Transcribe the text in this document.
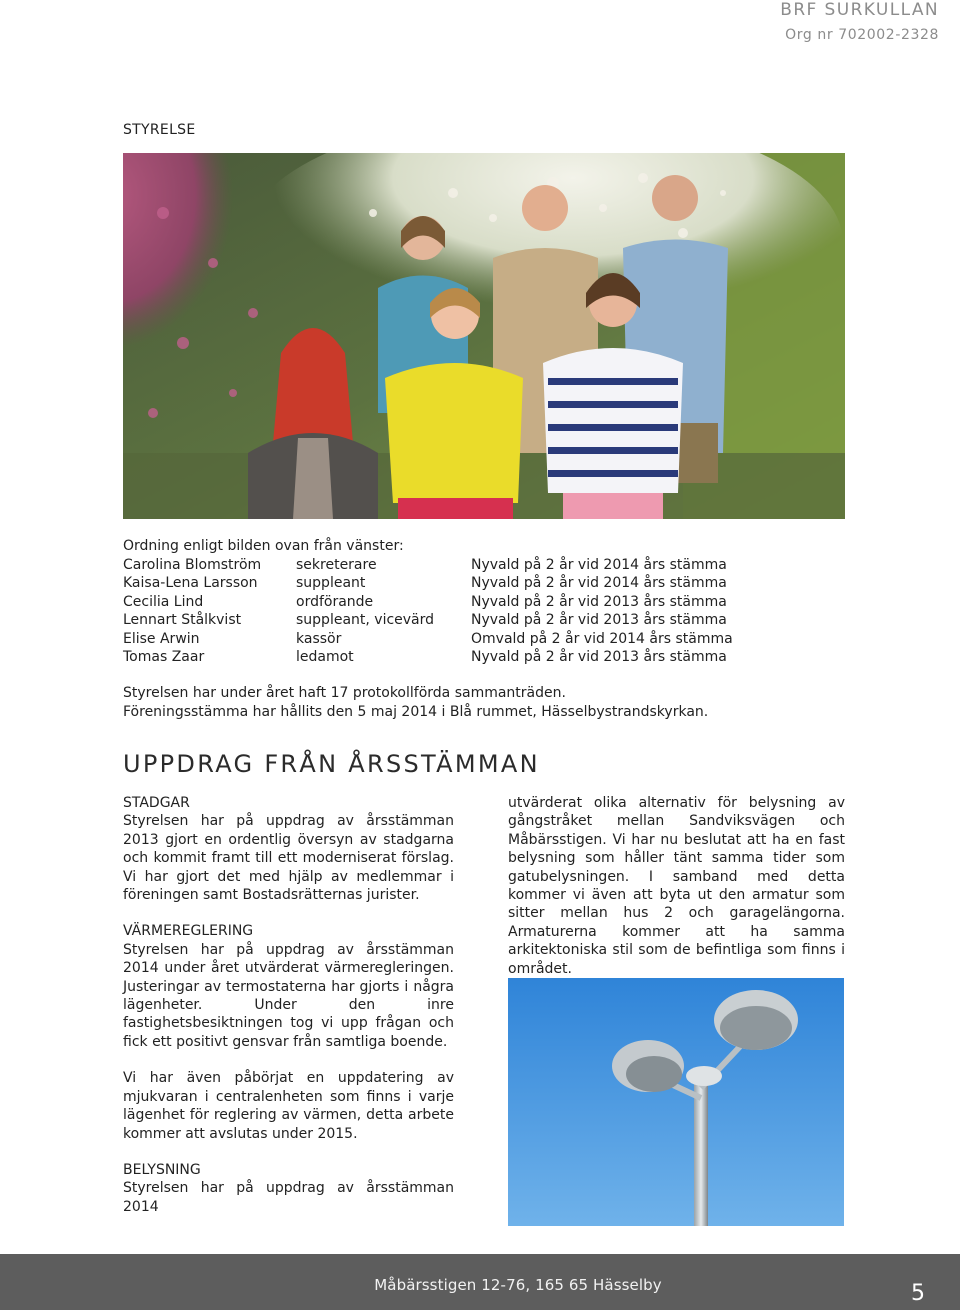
BRF SURKULLAN
Org nr 702002-2328
STYRELSE
Ordning enligt bilden ovan från vänster:
Carolina Blomström	sekreterare	Nyvald på 2 år vid 2014 års stämma
Kaisa-Lena Larsson	suppleant	Nyvald på 2 år vid 2014 års stämma
Cecilia Lind	ordförande	Nyvald på 2 år vid 2013 års stämma
Lennart Stålkvist	suppleant, vicevärd	Nyvald på 2 år vid 2013 års stämma
Elise Arwin	kassör	Omvald på 2 år vid 2014 års stämma
Tomas Zaar	ledamot	Nyvald på 2 år vid 2013 års stämma
Styrelsen har under året haft 17 protokollförda sammanträden.
Föreningsstämma har hållits den 5 maj 2014 i Blå rummet, Hässelbystrandskyrkan.
UPPDRAG FRÅN ÅRSSTÄMMAN
STADGAR

Styrelsen har på uppdrag av årsstämman 2013 gjort en ordentlig översyn av stadgarna och kommit framt till ett moderniserat förslag. Vi har gjort det med hjälp av medlemmar i föreningen samt Bostadsrätternas jurister.

VÄRMEREGLERING

Styrelsen har på uppdrag av årsstämman 2014 under året utvärderat värmeregleringen. Justeringar av termostaterna har gjorts i några lägenheter. Under den inre fastighetsbesiktningen tog vi upp frågan och fick ett positivt gensvar från samtliga boende.

Vi har även påbörjat en uppdatering av mjukvaran i centralenheten som finns i varje lägenhet för reglering av värmen, detta arbete kommer att avslutas under 2015.

BELYSNING

Styrelsen har på uppdrag av årsstämman 2014

utvärderat olika alternativ för belysning av gångstråket mellan Sandviksvägen och Måbärsstigen. Vi har nu beslutat att ha en fast belysning som håller tänt samma tider som gatubelysningen. I samband med detta kommer vi även att byta ut den armatur som sitter mellan hus 2 och garagelängorna. Armaturerna kommer att ha samma arkitektoniska stil som de befintliga som finns i området.

Måbärsstigen 12-76, 165 65 Hässelby	5
